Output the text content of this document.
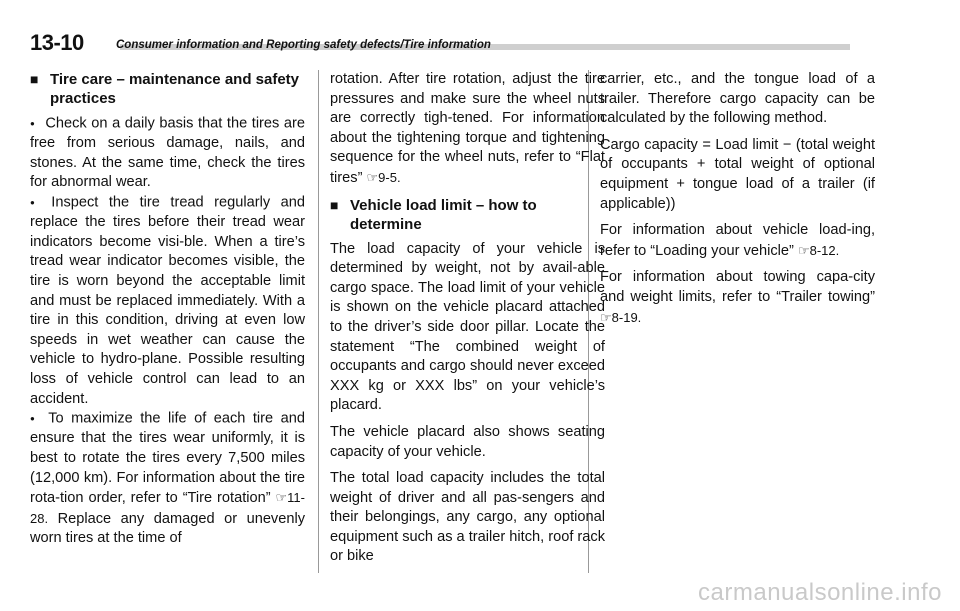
13-10	Consumer information and Reporting safety defects/Tire information
■ Tire care – maintenance and safety practices

● Check on a daily basis that the tires are free from serious damage, nails, and stones. At the same time, check the tires for abnormal wear.

● Inspect the tire tread regularly and replace the tires before their tread wear indicators become visi-ble. When a tire’s tread wear indicator becomes visible, the tire is worn beyond the acceptable limit and must be replaced immediately. With a tire in this condition, driving at even low speeds in wet weather can cause the vehicle to hydro-plane. Possible resulting loss of vehicle control can lead to an accident.

● To maximize the life of each tire and ensure that the tires wear uniformly, it is best to rotate the tires every 7,500 miles (12,000 km). For information about the tire rota-tion order, refer to “Tire rotation” ☞11-28. Replace any damaged or unevenly worn tires at the time of

rotation. After tire rotation, adjust the tire pressures and make sure the wheel nuts are correctly tigh-tened. For information about the tightening torque and tightening sequence for the wheel nuts, refer to “Flat tires” ☞9-5.

■ Vehicle load limit – how to determine

The load capacity of your vehicle is determined by weight, not by avail-able cargo space. The load limit of your vehicle is shown on the vehicle placard attached to the driver’s side door pillar. Locate the statement “The combined weight of occupants and cargo should never exceed XXX kg or XXX lbs” on your vehicle’s placard.

The vehicle placard also shows seating capacity of your vehicle.

The total load capacity includes the total weight of driver and all pas-sengers and their belongings, any cargo, any optional equipment such as a trailer hitch, roof rack or bike

carrier, etc., and the tongue load of a trailer. Therefore cargo capacity can be calculated by the following method.

Cargo capacity = Load limit − (total weight of occupants + total weight of optional equipment + tongue load of a trailer (if applicable))

For information about vehicle load-ing, refer to “Loading your vehicle” ☞8-12.

For information about towing capa-city and weight limits, refer to “Trailer towing” ☞8-19.

carmanualsonline.info
